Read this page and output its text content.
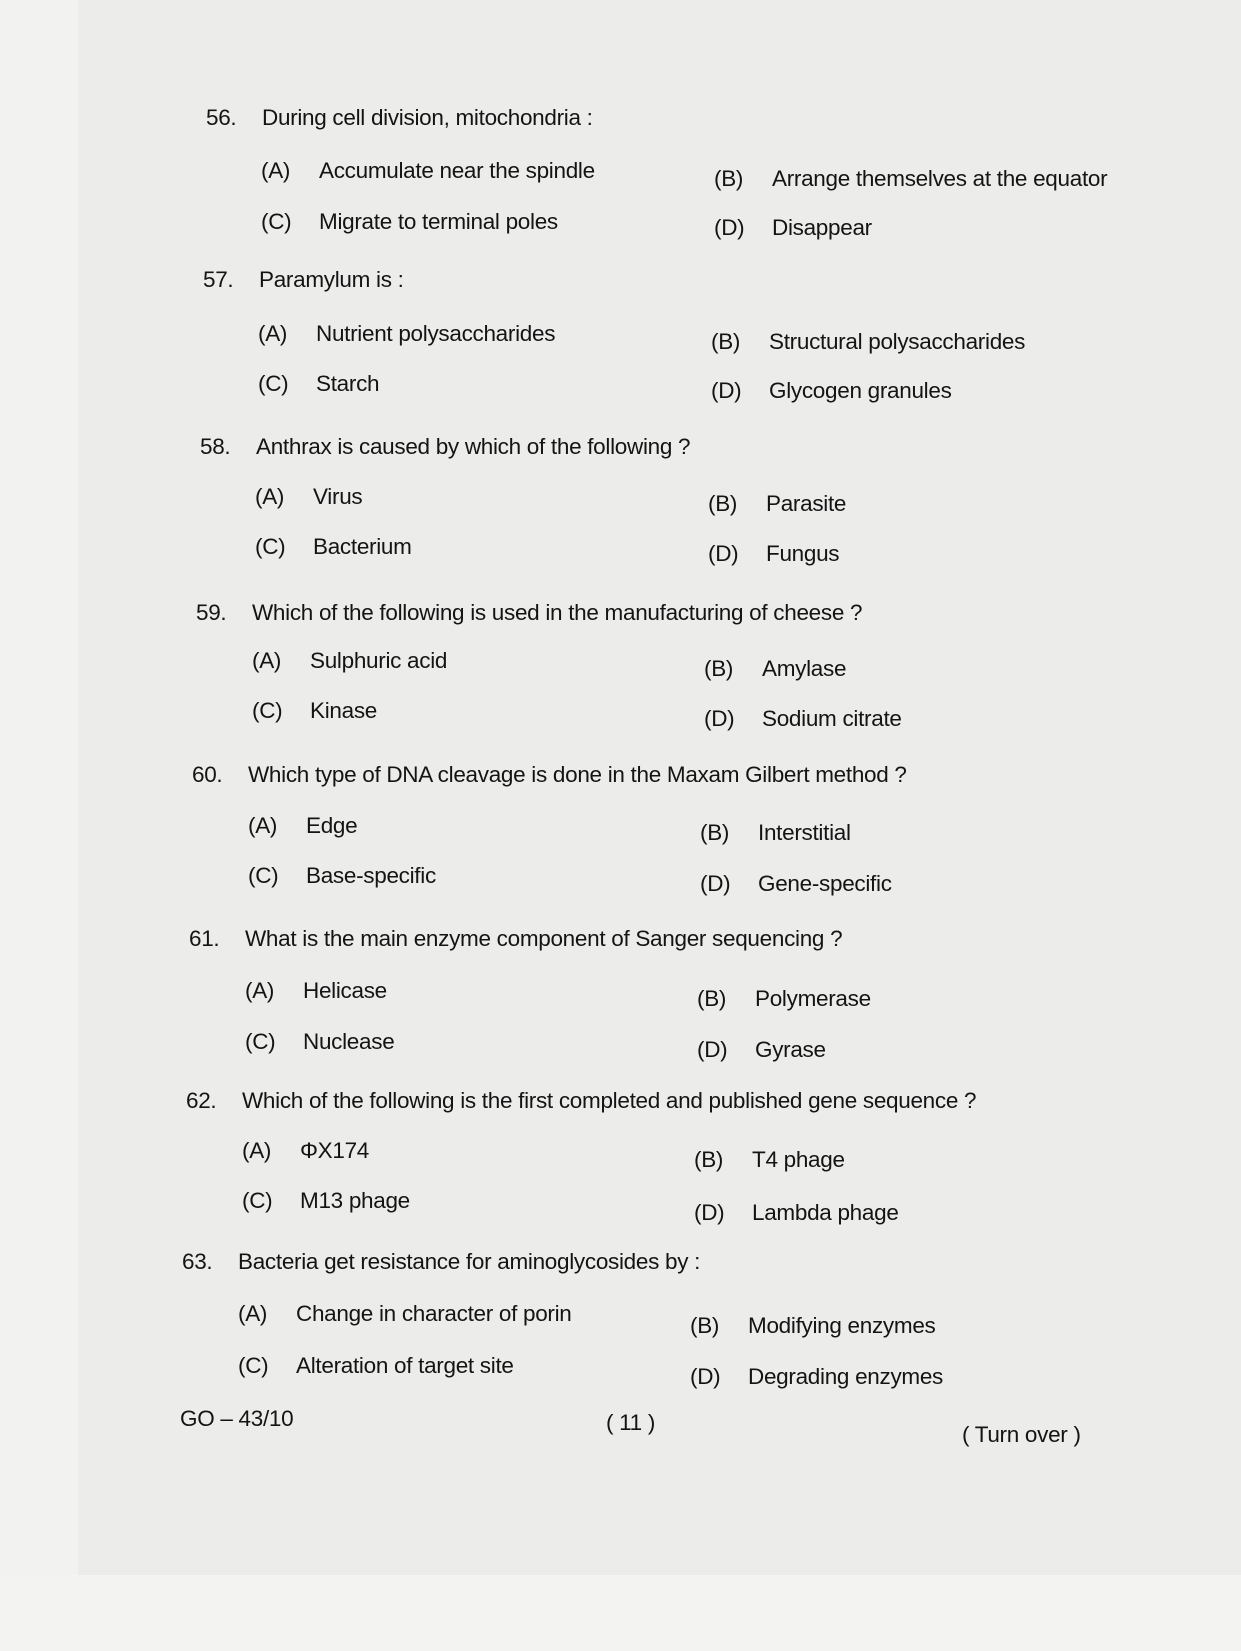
56. During cell division, mitochondria :
(A) Accumulate near the spindle	(B) Arrange themselves at the equator
(C) Migrate to terminal poles	(D) Disappear
57. Paramylum is :
(A) Nutrient polysaccharides	(B) Structural polysaccharides
(C) Starch	(D) Glycogen granules
58. Anthrax is caused by which of the following ?
(A) Virus	(B) Parasite
(C) Bacterium	(D) Fungus
59. Which of the following is used in the manufacturing of cheese ?
(A) Sulphuric acid	(B) Amylase
(C) Kinase	(D) Sodium citrate
60. Which type of DNA cleavage is done in the Maxam Gilbert method ?
(A) Edge	(B) Interstitial
(C) Base-specific	(D) Gene-specific
61. What is the main enzyme component of Sanger sequencing ?
(A) Helicase	(B) Polymerase
(C) Nuclease	(D) Gyrase
62. Which of the following is the first completed and published gene sequence ?
(A) ΦX174	(B) T4 phage
(C) M13 phage	(D) Lambda phage
63. Bacteria get resistance for aminoglycosides by :
(A) Change in character of porin	(B) Modifying enzymes
(C) Alteration of target site	(D) Degrading enzymes
GO – 43/10	( 11 )	( Turn over )
